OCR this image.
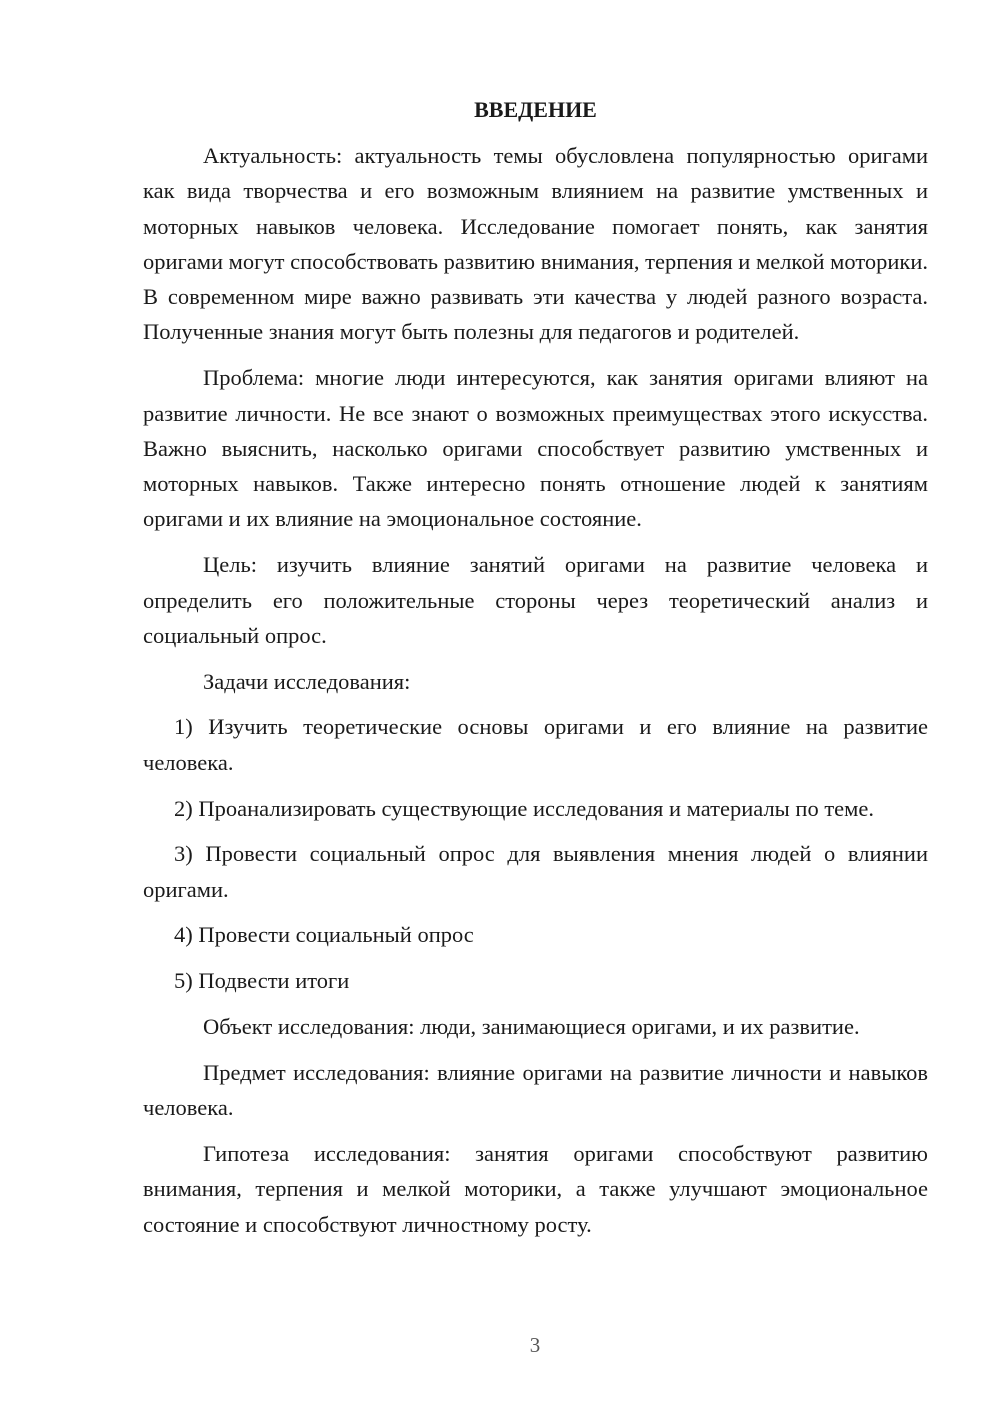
ВВЕДЕНИЕ

Актуальность: актуальность темы обусловлена популярностью оригами как вида творчества и его возможным влиянием на развитие умственных и моторных навыков человека. Исследование помогает понять, как занятия оригами могут способствовать развитию внимания, терпения и мелкой моторики. В современном мире важно развивать эти качества у людей разного возраста. Полученные знания могут быть полезны для педагогов и родителей.

Проблема: многие люди интересуются, как занятия оригами влияют на развитие личности. Не все знают о возможных преимуществах этого искусства. Важно выяснить, насколько оригами способствует развитию умственных и моторных навыков. Также интересно понять отношение людей к занятиям оригами и их влияние на эмоциональное состояние.

Цель: изучить влияние занятий оригами на развитие человека и определить его положительные стороны через теоретический анализ и социальный опрос.

Задачи исследования:

1) Изучить теоретические основы оригами и его влияние на развитие человека.

2) Проанализировать существующие исследования и материалы по теме.

3) Провести социальный опрос для выявления мнения людей о влиянии оригами.

4) Провести социальный опрос

5) Подвести итоги

Объект исследования: люди, занимающиеся оригами, и их развитие.

Предмет исследования: влияние оригами на развитие личности и навыков человека.

Гипотеза исследования: занятия оригами способствуют развитию внимания, терпения и мелкой моторики, а также улучшают эмоциональное состояние и способствуют личностному росту.

3
